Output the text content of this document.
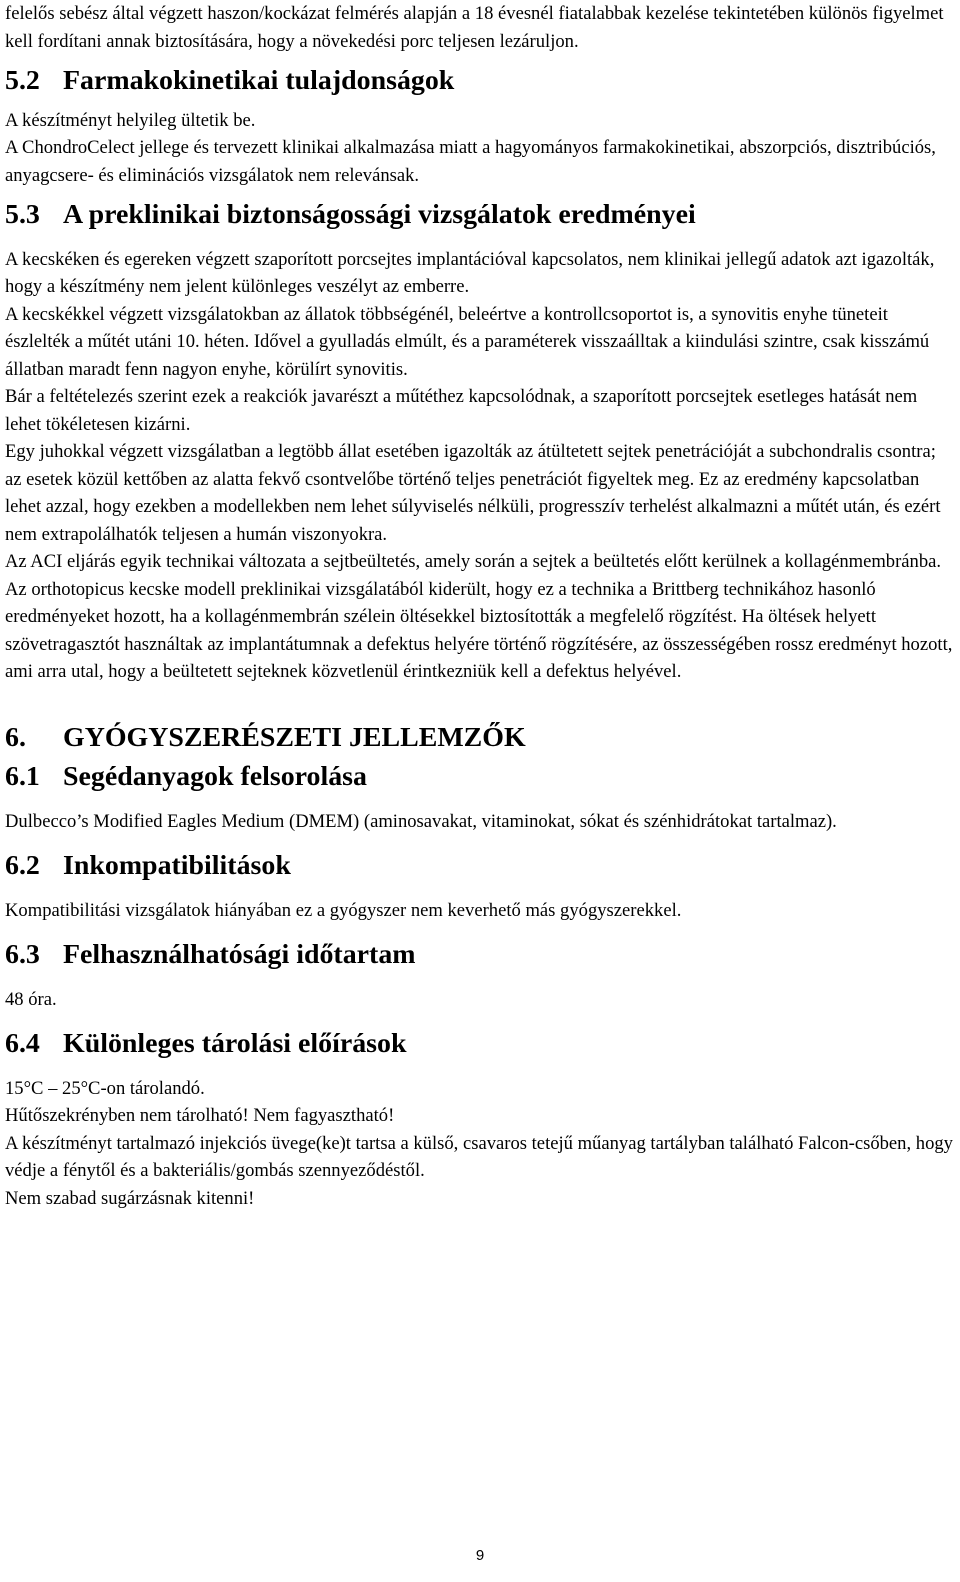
felelős sebész által végzett haszon/kockázat felmérés alapján a 18 évesnél fiatalabbak kezelése tekintetében különös figyelmet kell fordítani annak biztosítására, hogy a növekedési porc teljesen lezáruljon.

5.2 Farmakokinetikai tulajdonságok

A készítményt helyileg ültetik be.

A ChondroCelect jellege és tervezett klinikai alkalmazása miatt a hagyományos farmakokinetikai, abszorpciós, disztribúciós, anyagcsere- és eliminációs vizsgálatok nem relevánsak.

5.3 A preklinikai biztonságossági vizsgálatok eredményei

A kecskéken és egereken végzett szaporított porcsejtes implantációval kapcsolatos, nem klinikai jellegű adatok azt igazolták, hogy a készítmény nem jelent különleges veszélyt az emberre.

A kecskékkel végzett vizsgálatokban az állatok többségénél, beleértve a kontrollcsoportot is, a synovitis enyhe tüneteit észlelték a műtét utáni 10. héten. Idővel a gyulladás elmúlt, és a paraméterek visszaálltak a kiindulási szintre, csak kisszámú állatban maradt fenn nagyon enyhe, körülírt synovitis.

Bár a feltételezés szerint ezek a reakciók javarészt a műtéthez kapcsolódnak, a szaporított porcsejtek esetleges hatását nem lehet tökéletesen kizárni.

Egy juhokkal végzett vizsgálatban a legtöbb állat esetében igazolták az átültetett sejtek penetrációját a subchondralis csontra; az esetek közül kettőben az alatta fekvő csontvelőbe történő teljes penetrációt figyeltek meg. Ez az eredmény kapcsolatban lehet azzal, hogy ezekben a modellekben nem lehet súlyviselés nélküli, progresszív terhelést alkalmazni a műtét után, és ezért nem extrapolálhatók teljesen a humán viszonyokra.

Az ACI eljárás egyik technikai változata a sejtbeültetés, amely során a sejtek a beültetés előtt kerülnek a kollagénmembránba. Az orthotopicus kecske modell preklinikai vizsgálatából kiderült, hogy ez a technika a Brittberg technikához hasonló eredményeket hozott, ha a kollagénmembrán szélein öltésekkel biztosították a megfelelő rögzítést. Ha öltések helyett szövetragasztót használtak az implantátumnak a defektus helyére történő rögzítésére, az összességében rossz eredményt hozott, ami arra utal, hogy a beültetett sejteknek közvetlenül érintkezniük kell a defektus helyével.

6.	GYÓGYSZERÉSZETI JELLEMZŐK
6.1 Segédanyagok felsorolása

Dulbecco’s Modified Eagles Medium (DMEM) (aminosavakat, vitaminokat, sókat és szénhidrátokat tartalmaz).

6.2 Inkompatibilitások

Kompatibilitási vizsgálatok hiányában ez a gyógyszer nem keverhető más gyógyszerekkel.

6.3 Felhasználhatósági időtartam

48 óra.

6.4 Különleges tárolási előírások

15°C – 25°C-on tárolandó.

Hűtőszekrényben nem tárolható! Nem fagyasztható!

A készítményt tartalmazó injekciós üvege(ke)t tartsa a külső, csavaros tetejű műanyag tartályban található Falcon-csőben, hogy védje a fénytől és a bakteriális/gombás szennyeződéstől.

Nem szabad sugárzásnak kitenni!

9
